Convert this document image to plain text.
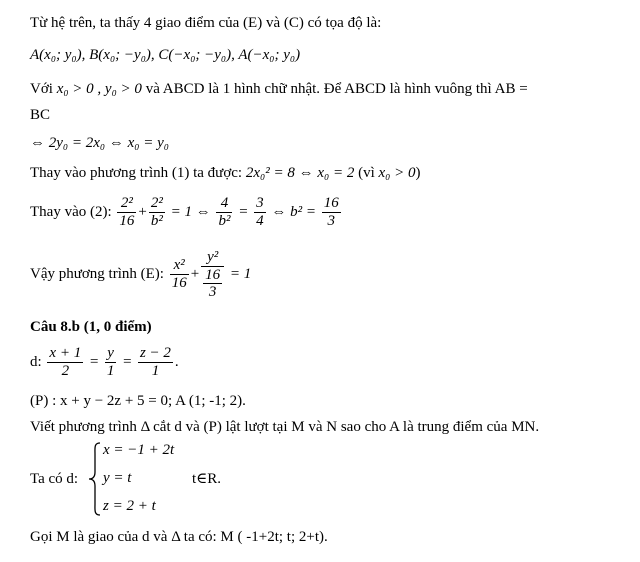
Từ hệ trên, ta thấy 4 giao điểm của (E) và (C) có tọa độ là:
A(x₀; y₀), B(x₀; −y₀), C(−x₀; −y₀), A(−x₀; y₀)
Với x₀ > 0 , y₀ > 0 và ABCD là 1 hình chữ nhật. Để ABCD là hình vuông thì AB =
BC
⇔ 2y₀ = 2x₀ ⇔ x₀ = y₀
Thay vào phương trình (1) ta được: 2x₀² = 8 ⇔ x₀ = 2 (vì x₀ > 0)
Thay vào (2): $\frac{\text{2²}}{16} + \frac{\text{2²}}{\text{b²}} = 1$ ⇔ $\frac{4}{\text{b²}} = \frac{3}{4}$ ⇔ $b^2 = \frac{16}{3}$
Vậy phương trình (E): $\frac{\text{x²}}{16} + \frac{\text{y²}}{\frac{16}{3}} = 1$
Câu 8.b (1, 0 điểm)
d: $\frac{x + 1}{2} = \frac{y}{1} = \frac{z - 2}{1}$ .
(P) : x + y − 2z + 5 = 0; A (1; -1; 2).
Viết phương trình Δ cắt d và (P) lật lượt tại M và N sao cho A là trung điểm của MN.
Ta có d:
x = −1 + 2t
y = t
z = 2 + t
t∈R.
Gọi M là giao của d và Δ ta có: M ( -1+2t; t; 2+t).
